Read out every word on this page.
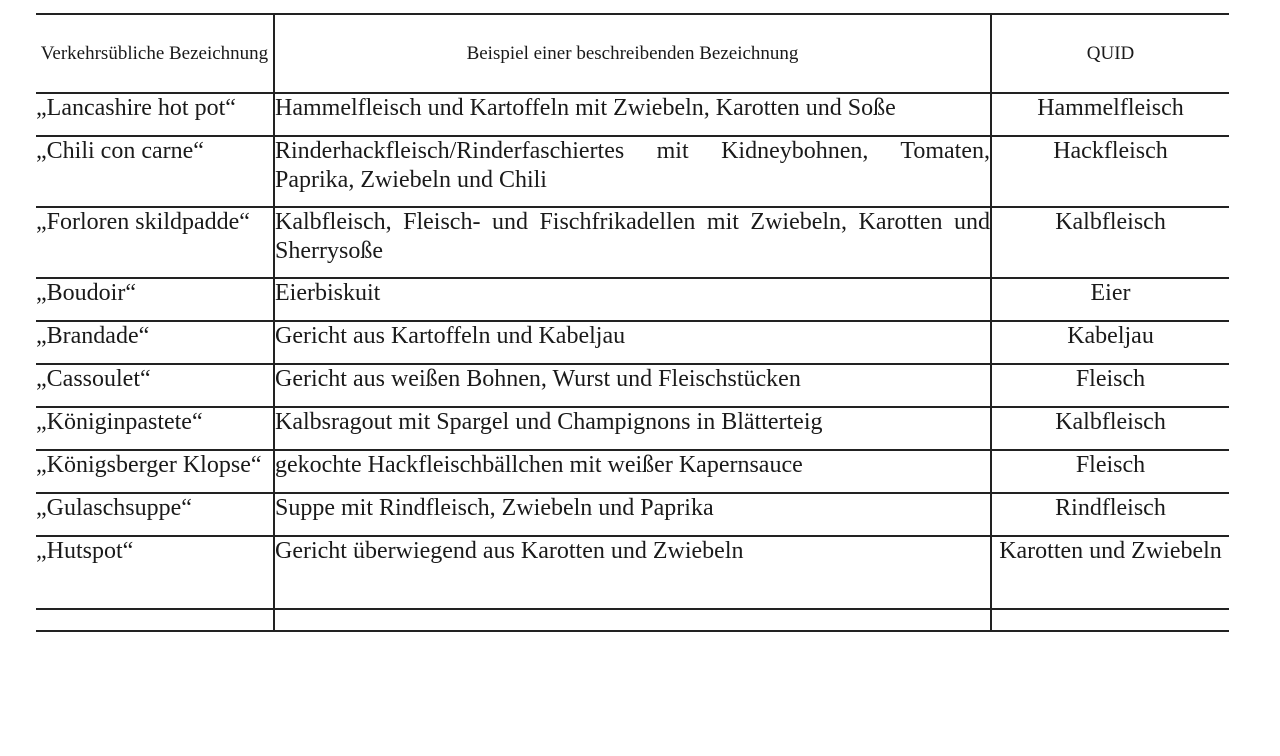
Verkehrsübliche Bezeichnung	Beispiel einer beschreibenden Bezeichnung	QUID
„Lancashire hot pot“	Hammelfleisch und Kartoffeln mit Zwiebeln, Karotten und Soße	Hammelfleisch
„Chili con carne“	Rinderhackfleisch/Rinderfaschiertes mit Kidneybohnen, Tomaten, Paprika, Zwiebeln und Chili	Hackfleisch
„Forloren skildpadde“	Kalbfleisch, Fleisch- und Fischfrikadellen mit Zwiebeln, Karotten und Sherrysoße	Kalbfleisch
„Boudoir“	Eierbiskuit	Eier
„Brandade“	Gericht aus Kartoffeln und Kabeljau	Kabeljau
„Cassoulet“	Gericht aus weißen Bohnen, Wurst und Fleischstücken	Fleisch
„Königinpastete“	Kalbsragout mit Spargel und Champignons in Blätterteig	Kalbfleisch
„Königsberger Klopse“	gekochte Hackfleischbällchen mit weißer Kapernsauce	Fleisch
„Gulaschsuppe“	Suppe mit Rindfleisch, Zwiebeln und Paprika	Rindfleisch
„Hutspot“	Gericht überwiegend aus Karotten und Zwiebeln	Karotten und Zwiebeln
